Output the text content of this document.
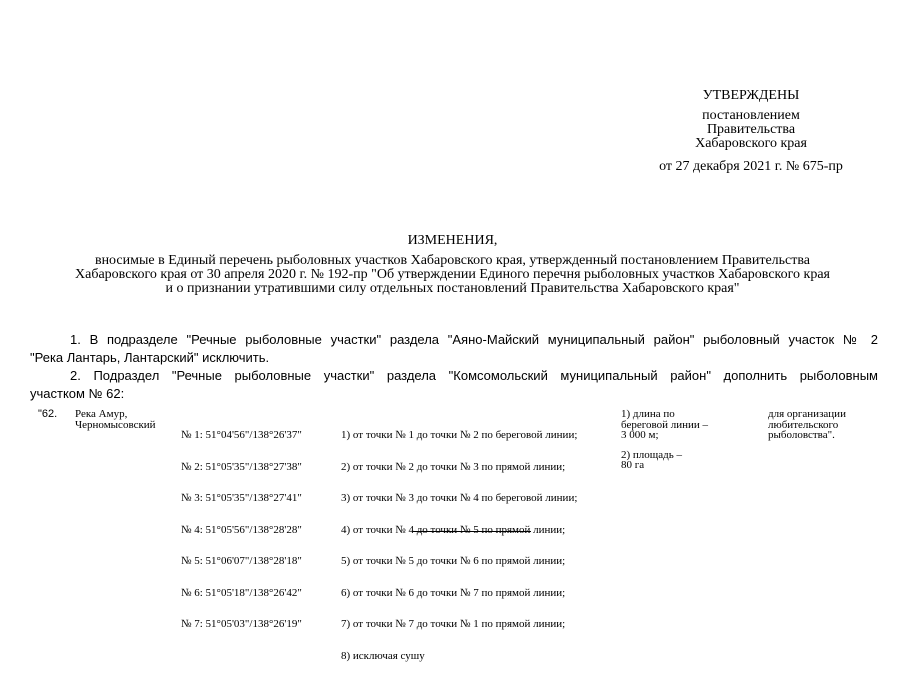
УТВЕРЖДЕНЫ
постановлением
Правительства
Хабаровского края
от 27 декабря 2021 г. № 675-пр
ИЗМЕНЕНИЯ,
вносимые в Единый перечень рыболовных участков Хабаровского края, утвержденный постановлением Правительства
Хабаровского края от 30 апреля 2020 г. № 192-пр "Об утверждении Единого перечня рыболовных участков Хабаровского края
и о признании утратившими силу отдельных постановлений Правительства Хабаровского края"
1. В подразделе "Речные рыболовные участки" раздела "Аяно-Майский муниципальный район" рыболовный участок № 2
"Река Лантарь, Лантарский" исключить.
2. Подраздел "Речные рыболовные участки" раздела "Комсомольский муниципальный район" дополнить рыболовным
участком № 62:
"62. Река Амур,
Черномысовский

№ 1: 51°04'56"/138°26'37"

№ 2: 51°05'35"/138°27'38"

№ 3: 51°05'35"/138°27'41"

№ 4: 51°05'56"/138°28'28"

№ 5: 51°06'07"/138°28'18"

№ 6: 51°05'18"/138°26'42"

№ 7: 51°05'03"/138°26'19"

1) от точки № 1 до точки № 2 по береговой линии;

2) от точки № 2 до точки № 3 по прямой линии;

3) от точки № 3 до точки № 4 по береговой линии;

4) от точки № 4 до точки № 5 по прямой линии;

5) от точки № 5 до точки № 6 по прямой линии;

6) от точки № 6 до точки № 7 по прямой линии;

7) от точки № 7 до точки № 1 по прямой линии;

8) исключая сушу

1) длина по
береговой линии –
3 000 м;
2) площадь –
80 га
для организации
любительского
рыболовства".
